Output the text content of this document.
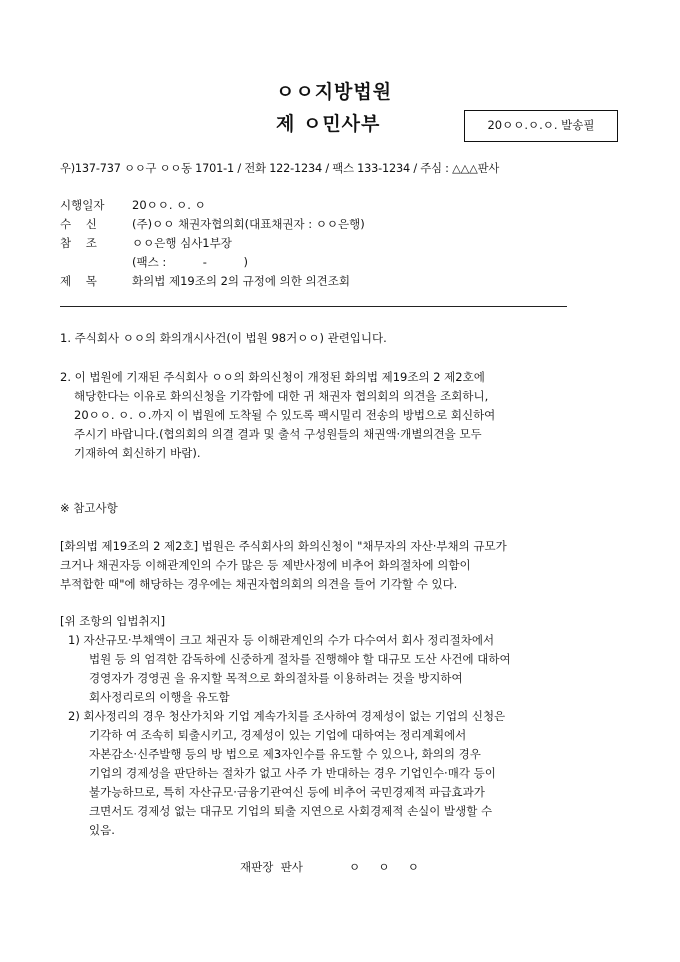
ㅇㅇ지방법원
제 ㅇ민사부	20ㅇㅇ.ㅇ.ㅇ. 발송필
우)137-737 ㅇㅇ구 ㅇㅇ동 1701-1 / 전화 122-1234 / 팩스 133-1234 / 주심 : △△△판사
시행일자 20ㅇㅇ. ㅇ. ㅇ
수    신	(주)ㅇㅇ 채권자협의회(대표채권자 : ㅇㅇ은행)
참    조	ㅇㅇ은행 심사1부장
(팩스 :          -          )
제    목	화의법 제19조의 2의 규정에 의한 의견조회
1. 주식회사 ㅇㅇ의 화의개시사건(이 법원 98거ㅇㅇ) 관련입니다.
2. 이 법원에 기재된 주식회사 ㅇㅇ의 화의신청이 개정된 화의법 제19조의 2 제2호에
해당한다는 이유로 화의신청을 기각함에 대한 귀 채권자 협의회의 의견을 조회하니,
20ㅇㅇ. ㅇ. ㅇ.까지 이 법원에 도착될 수 있도록 팩시밀리 전송의 방법으로 회신하여
주시기 바랍니다.(협의회의 의결 결과 및 출석 구성원들의 채권액·개별의견을 모두
기재하여 회신하기 바람).
※ 참고사항
[화의법 제19조의 2 제2호] 법원은 주식회사의 화의신청이 "채무자의 자산·부채의 규모가
크거나 채권자등 이해관계인의 수가 많은 등 제반사정에 비추어 화의절차에 의함이
부적합한 때"에 해당하는 경우에는 채권자협의회의 의견을 들어 기각할 수 있다.
[위 조항의 입법취지]
1) 자산규모·부채액이 크고 채권자 등 이해관계인의 수가 다수여서 회사 정리절차에서
법원 등 의 엄격한 감독하에 신중하게 절차를 진행해야 할 대규모 도산 사건에 대하여
경영자가 경영권 을 유지할 목적으로 화의절차를 이용하려는 것을 방지하여
회사정리로의 이행을 유도함
2) 회사정리의 경우 청산가치와 기업 계속가치를 조사하여 경제성이 없는 기업의 신청은
기각하 여 조속히 퇴출시키고, 경제성이 있는 기업에 대하여는 정리계획에서
자본감소·신주발행 등의 방 법으로 제3자인수를 유도할 수 있으나, 화의의 경우
기업의 경제성을 판단하는 절차가 없고 사주 가 반대하는 경우 기업인수·매각 등이
불가능하므로, 특히 자산규모·금융기관여신 등에 비추어 국민경제적 파급효과가
크면서도 경제성 없는 대규모 기업의 퇴출 지연으로 사회경제적 손실이 발생할 수
있음.
재판장  판사	ㅇ     ㅇ     ㅇ
